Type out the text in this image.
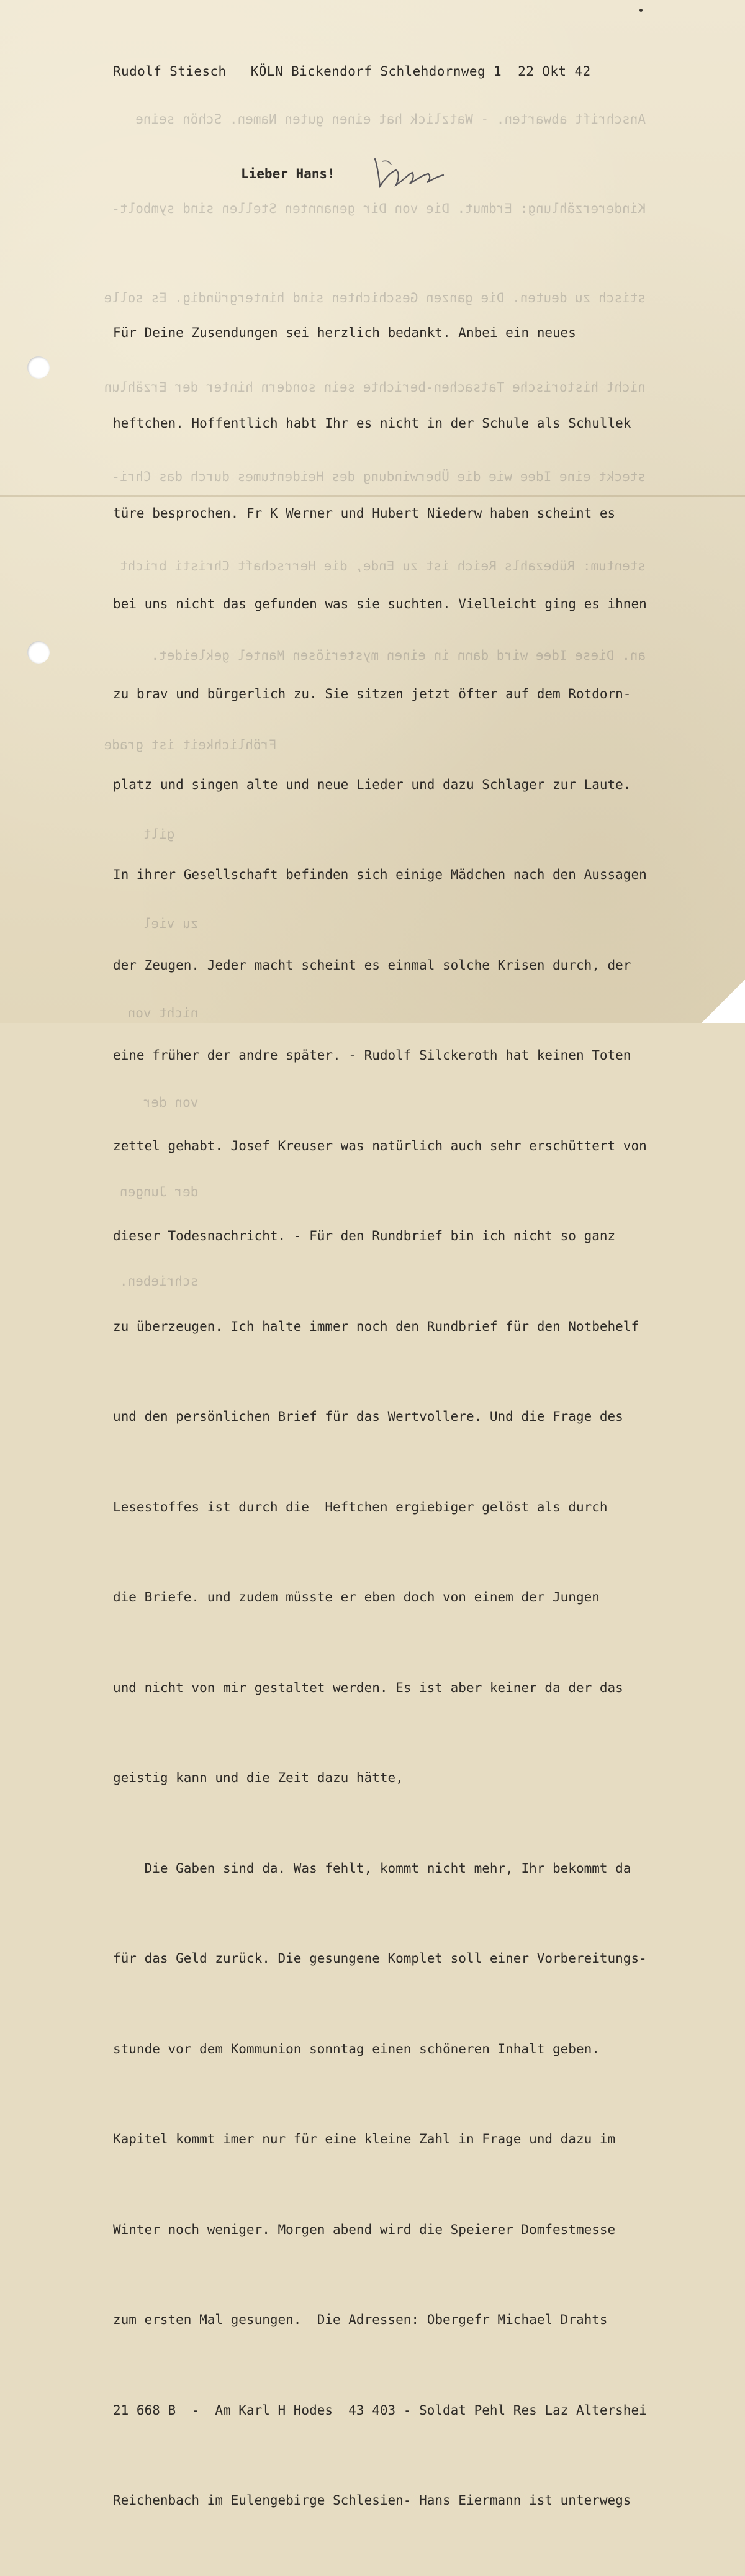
Anschrift abwarten. - Watzlick hat einen guten Namen. Schön seine

Kindererzählung: Erdmut. Die von Dir genannten Stellen sind symbolt-

stisch zu deuten. Die ganzen Geschichten sind hintergründig. Es solle

nicht historische Tatsachen-berichte sein sondern hinter der Erzählun

steckt eine Idee wie die Überwindung des Heidentumes durch das Chri-

stentum: Rübezahls Reich ist zu Ende, die Herrschaft Christi bricht

an. Diese Idee wird dann in einen mysteriösen Mantel gekleidet.

Fröhlichkeit ist grade

gilt

zu viel

nicht von

von der

der Jungen

schrieben.

Rudolf Stiesch   KÖLN Bickendorf Schlehdornweg 1  22 Okt 42
Lieber Hans!

Für Deine Zusendungen sei herzlich bedankt. Anbei ein neues

heftchen. Hoffentlich habt Ihr es nicht in der Schule als Schullek

türe besprochen. Fr K Werner und Hubert Niederw haben scheint es

bei uns nicht das gefunden was sie suchten. Vielleicht ging es ihnen

zu brav und bürgerlich zu. Sie sitzen jetzt öfter auf dem Rotdorn-

platz und singen alte und neue Lieder und dazu Schlager zur Laute.

In ihrer Gesellschaft befinden sich einige Mädchen nach den Aussagen

der Zeugen. Jeder macht scheint es einmal solche Krisen durch, der

eine früher der andre später. - Rudolf Silckeroth hat keinen Toten

zettel gehabt. Josef Kreuser was natürlich auch sehr erschüttert von

dieser Todesnachricht. - Für den Rundbrief bin ich nicht so ganz

zu überzeugen. Ich halte immer noch den Rundbrief für den Notbehelf

und den persönlichen Brief für das Wertvollere. Und die Frage des

Lesestoffes ist durch die  Heftchen ergiebiger gelöst als durch

die Briefe. und zudem müsste er eben doch von einem der Jungen

und nicht von mir gestaltet werden. Es ist aber keiner da der das

geistig kann und die Zeit dazu hätte,

Die Gaben sind da. Was fehlt, kommt nicht mehr, Ihr bekommt da

für das Geld zurück. Die gesungene Komplet soll einer Vorbereitungs-

stunde vor dem Kommunion sonntag einen schöneren Inhalt geben.

Kapitel kommt imer nur für eine kleine Zahl in Frage und dazu im

Winter noch weniger. Morgen abend wird die Speierer Domfestmesse

zum ersten Mal gesungen.  Die Adressen: Obergefr Michael Drahts

21 668 B  -  Am Karl H Hodes  43 403 - Soldat Pehl Res Laz Altershei

Reichenbach im Eulengebirge Schlesien- Hans Eiermann ist unterwegs
